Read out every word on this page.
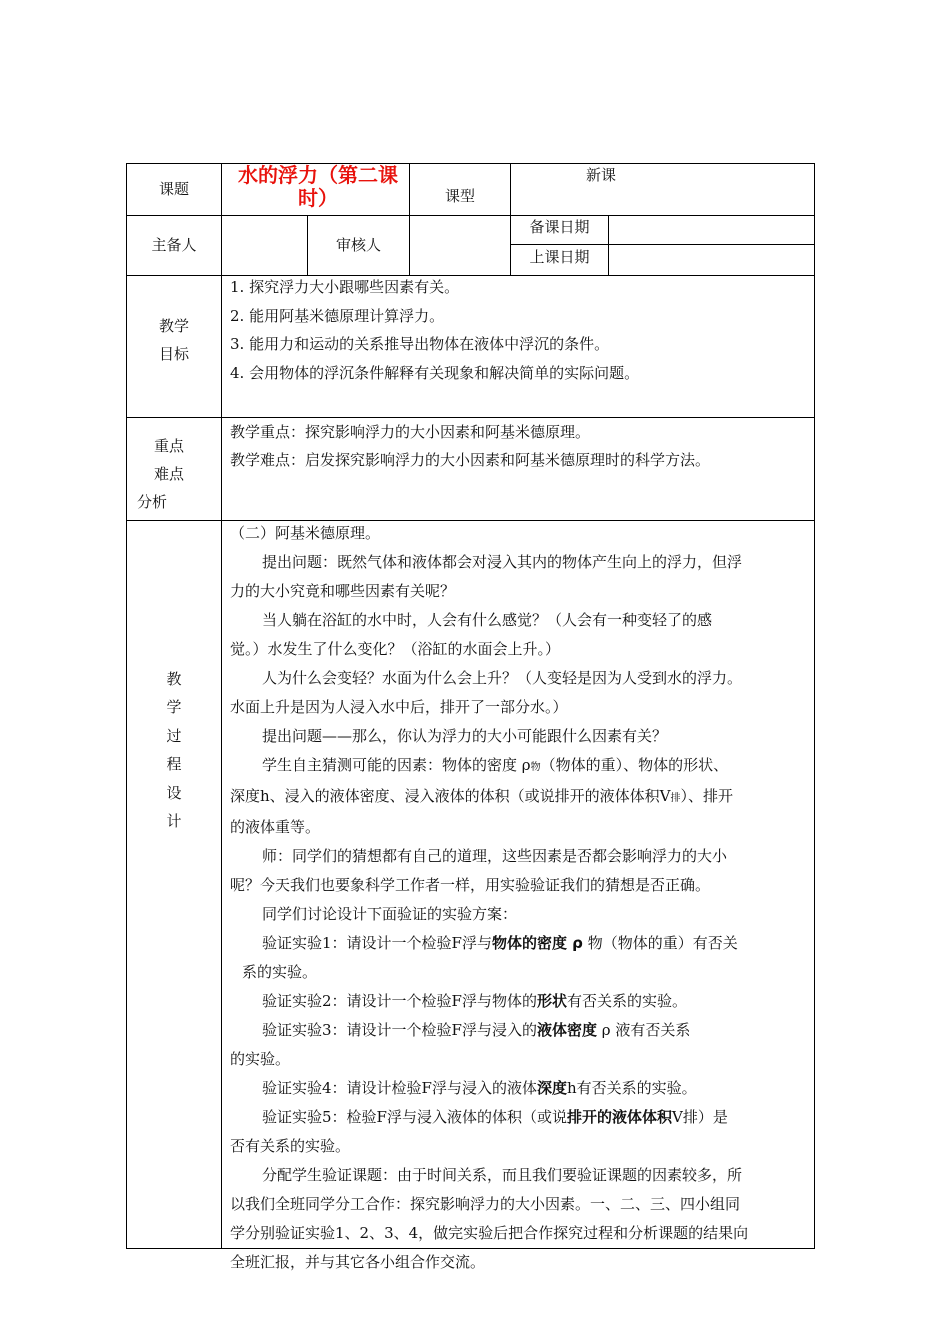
课题
水的浮力（第二课时）	课型
新课
主备人	审核人
备课日期
上课日期
教学
目标
1. 探究浮力大小跟哪些因素有关。
2. 能用阿基米德原理计算浮力。
3. 能用力和运动的关系推导出物体在液体中浮沉的条件。
4. 会用物体的浮沉条件解释有关现象和解决简单的实际问题。
重点
难点
分析
教学重点：探究影响浮力的大小因素和阿基米德原理。
教学难点：启发探究影响浮力的大小因素和阿基米德原理时的科学方法。
教
学
过
程
设
计

（二）阿基米德原理。

提出问题：既然气体和液体都会对浸入其内的物体产生向上的浮力，但浮

力的大小究竟和哪些因素有关呢？

当人躺在浴缸的水中时，人会有什么感觉？（人会有一种变轻了的感

觉。）水发生了什么变化？（浴缸的水面会上升。）

人为什么会变轻？水面为什么会上升？（人变轻是因为人受到水的浮力。

水面上升是因为人浸入水中后，排开了一部分水。）

提出问题——那么，你认为浮力的大小可能跟什么因素有关？

学生自主猜测可能的因素：物体的密度 ρ物（物体的重）、物体的形状、

深度h、浸入的液体密度、浸入液体的体积（或说排开的液体体积V排）、排开

的液体重等。

师：同学们的猜想都有自己的道理，这些因素是否都会影响浮力的大小

呢？今天我们也要象科学工作者一样，用实验验证我们的猜想是否正确。

同学们讨论设计下面验证的实验方案：

验证实验1：请设计一个检验F浮与物体的密度 ρ 物（物体的重）有否关

系的实验。

验证实验2：请设计一个检验F浮与物体的形状有否关系的实验。

验证实验3：请设计一个检验F浮与浸入的液体密度 ρ 液有否关系

的实验。

验证实验4：请设计检验F浮与浸入的液体深度h有否关系的实验。

验证实验5：检验F浮与浸入液体的体积（或说排开的液体体积V排）是

否有关系的实验。

分配学生验证课题：由于时间关系，而且我们要验证课题的因素较多，所

以我们全班同学分工合作：探究影响浮力的大小因素。一、二、三、四小组同

学分别验证实验1、2、3、4，做完实验后把合作探究过程和分析课题的结果向

全班汇报，并与其它各小组合作交流。
